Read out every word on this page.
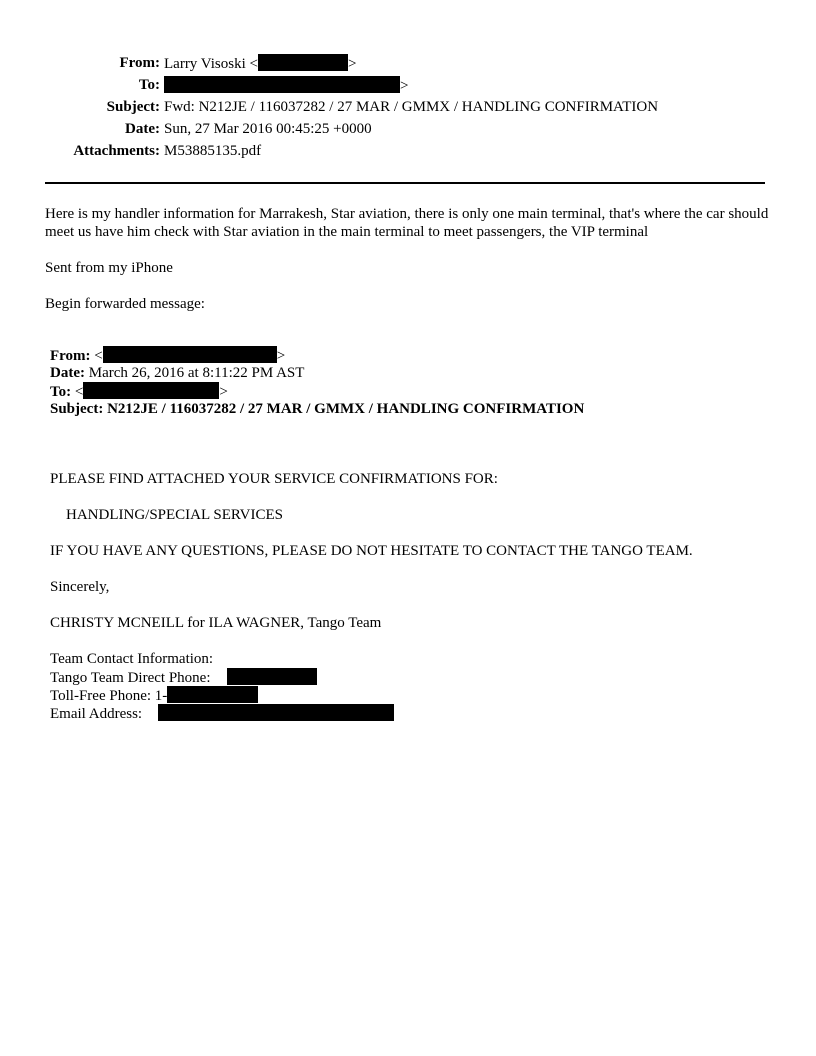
From: Larry Visoski <	>
To:	>
Subject: Fwd: N212JE / 116037282 / 27 MAR / GMMX / HANDLING CONFIRMATION
Date: Sun, 27 Mar 2016 00:45:25 +0000
Attachments: M53885135.pdf
Here is my handler information for Marrakesh, Star aviation, there is only one main terminal, that's where the car should meet us have him check with Star aviation in the main terminal to meet passengers, the VIP terminal
Sent from my iPhone
Begin forwarded message:
From: <	>
Date: March 26, 2016 at 8:11:22 PM AST
To: <	>
Subject: N212JE / 116037282 / 27 MAR / GMMX / HANDLING CONFIRMATION
PLEASE FIND ATTACHED YOUR SERVICE CONFIRMATIONS FOR:
HANDLING/SPECIAL SERVICES
IF YOU HAVE ANY QUESTIONS, PLEASE DO NOT HESITATE TO CONTACT THE TANGO TEAM.
Sincerely,
CHRISTY MCNEILL for ILA WAGNER, Tango Team
Team Contact Information:
Tango Team Direct Phone:
Toll-Free Phone: 1-
Email Address:
